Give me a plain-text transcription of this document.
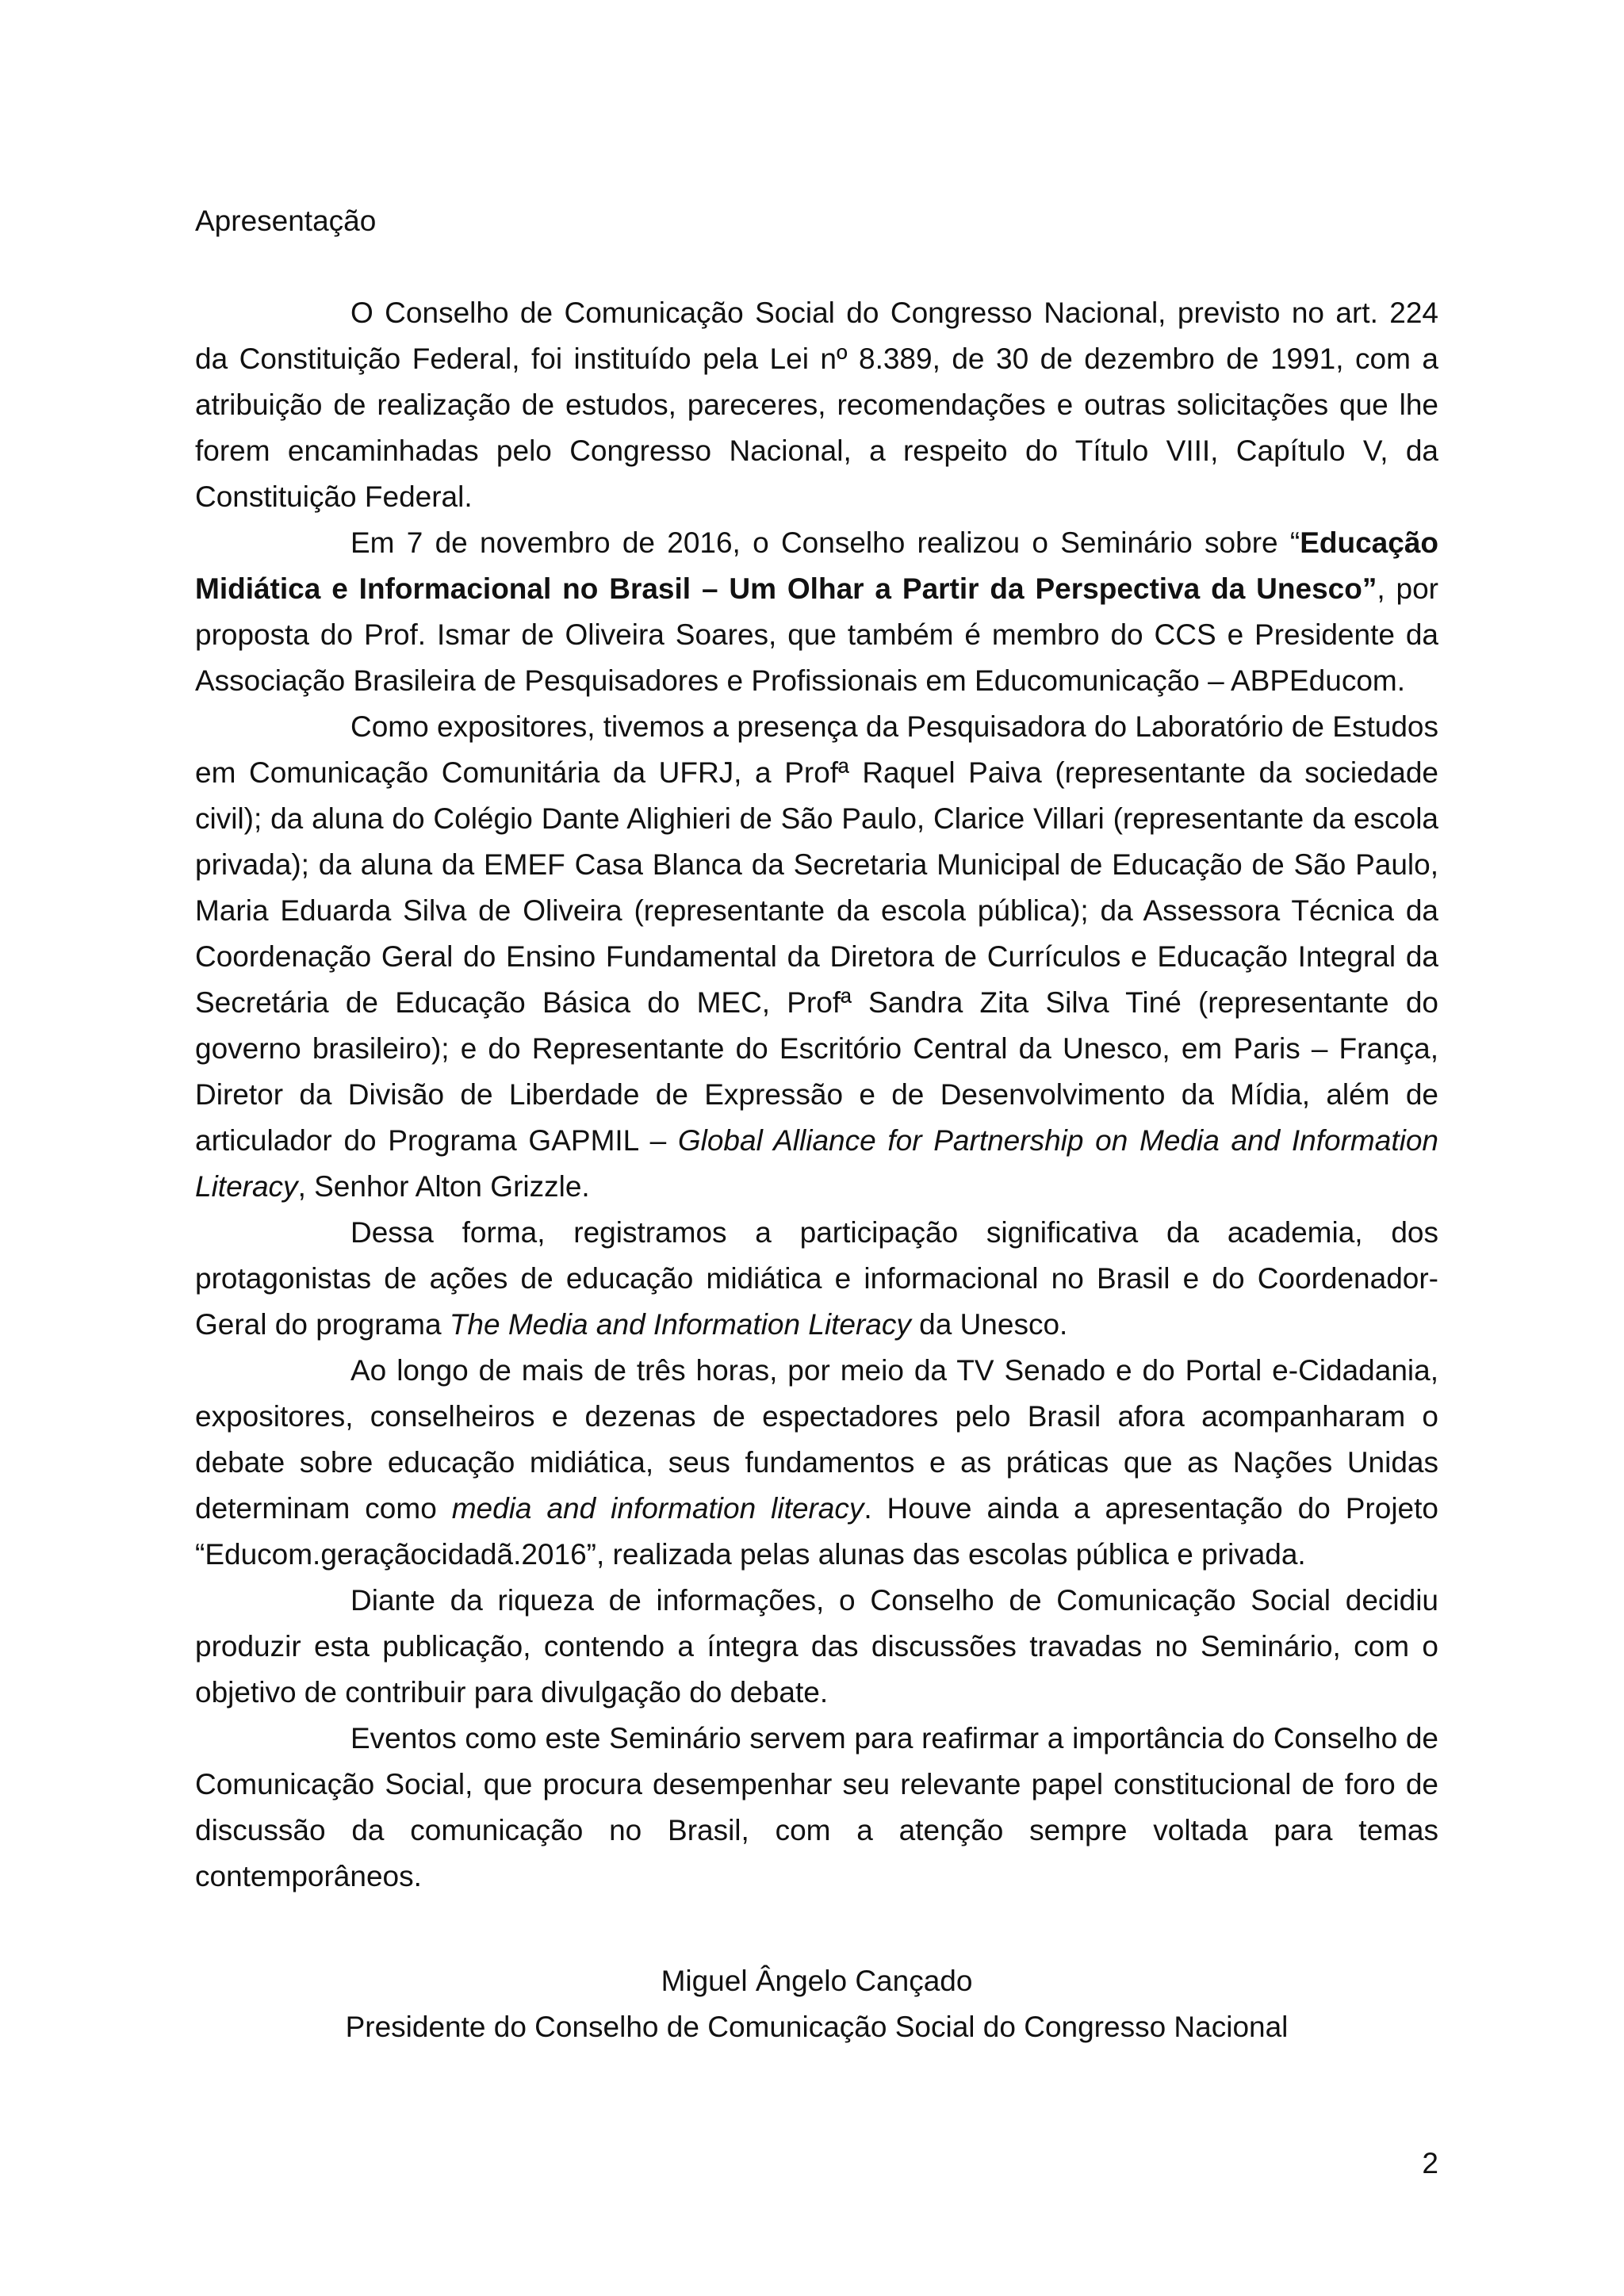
Apresentação

O Conselho de Comunicação Social do Congresso Nacional, previsto no art. 224 da Constituição Federal, foi instituído pela Lei nº 8.389, de 30 de dezembro de 1991, com a atribuição de realização de estudos, pareceres, recomendações e outras solicitações que lhe forem encaminhadas pelo Congresso Nacional, a respeito do Título VIII, Capítulo V, da Constituição Federal.

Em 7 de novembro de 2016, o Conselho realizou o Seminário sobre “Educação Midiática e Informacional no Brasil – Um Olhar a Partir da Perspectiva da Unesco”, por proposta do Prof. Ismar de Oliveira Soares, que também é membro do CCS e Presidente da Associação Brasileira de Pesquisadores e Profissionais em Educomunicação – ABPEducom.

Como expositores, tivemos a presença da Pesquisadora do Laboratório de Estudos em Comunicação Comunitária da UFRJ, a Profª Raquel Paiva (representante da sociedade civil); da aluna do Colégio Dante Alighieri de São Paulo, Clarice Villari (representante da escola privada); da aluna da EMEF Casa Blanca da Secretaria Municipal de Educação de São Paulo, Maria Eduarda Silva de Oliveira (representante da escola pública); da Assessora Técnica da Coordenação Geral do Ensino Fundamental da Diretora de Currículos e Educação Integral da Secretária de Educação Básica do MEC, Profª Sandra Zita Silva Tiné (representante do governo brasileiro); e do Representante do Escritório Central da Unesco, em Paris – França, Diretor da Divisão de Liberdade de Expressão e de Desenvolvimento da Mídia, além de articulador do Programa GAPMIL – Global Alliance for Partnership on Media and Information Literacy, Senhor Alton Grizzle.

Dessa forma, registramos a participação significativa da academia, dos protagonistas de ações de educação midiática e informacional no Brasil e do Coordenador-Geral do programa The Media and Information Literacy da Unesco.

Ao longo de mais de três horas, por meio da TV Senado e do Portal e-Cidadania, expositores, conselheiros e dezenas de espectadores pelo Brasil afora acompanharam o debate sobre educação midiática, seus fundamentos e as práticas que as Nações Unidas determinam como media and information literacy. Houve ainda a apresentação do Projeto “Educom.geraçãocidadã.2016”, realizada pelas alunas das escolas pública e privada.

Diante da riqueza de informações, o Conselho de Comunicação Social decidiu produzir esta publicação, contendo a íntegra das discussões travadas no Seminário, com o objetivo de contribuir para divulgação do debate.

Eventos como este Seminário servem para reafirmar a importância do Conselho de Comunicação Social, que procura desempenhar seu relevante papel constitucional de foro de discussão da comunicação no Brasil, com a atenção sempre voltada para temas contemporâneos.

Miguel Ângelo Cançado
Presidente do Conselho de Comunicação Social do Congresso Nacional
2
